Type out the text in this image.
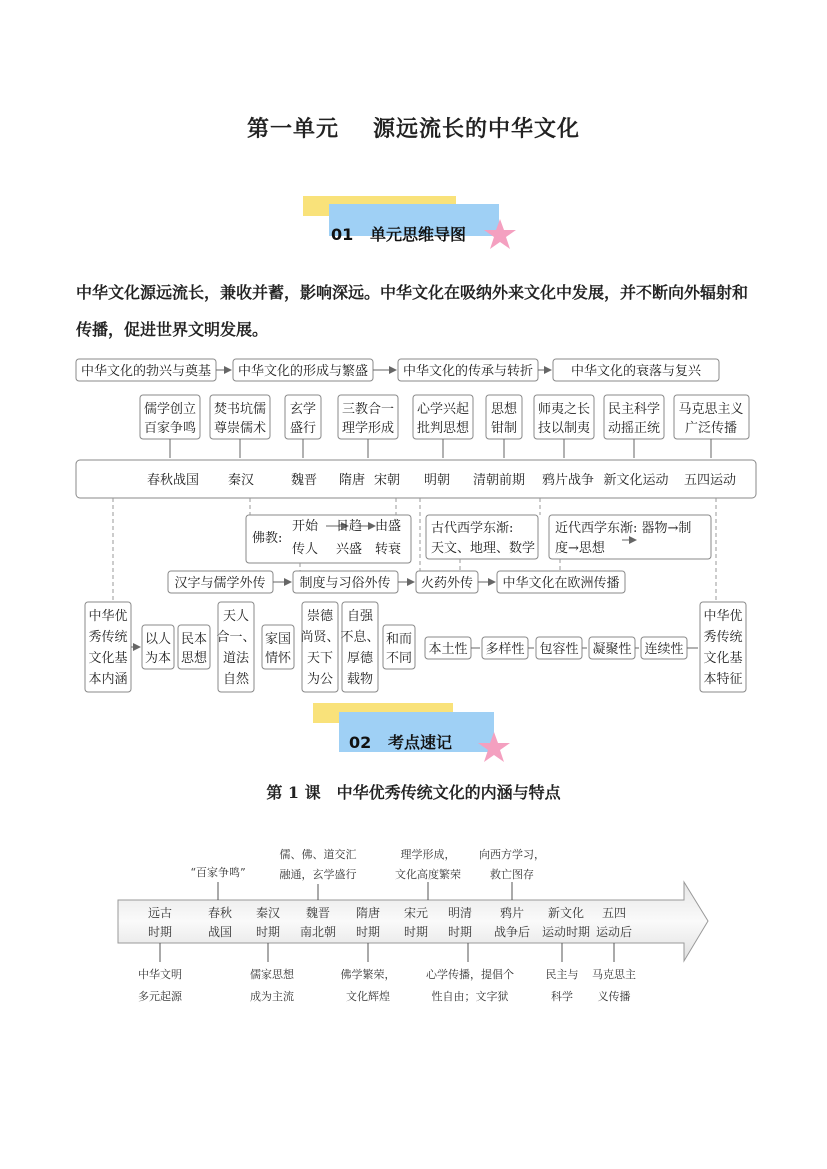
第一单元 源远流长的中华文化
01 单元思维导图
中华文化源远流长，兼收并蓄，影响深远。中华文化在吸纳外来文化中发展，并不断向外辐射和传播，促进世界文明发展。
中华文化的勃兴与奠基 中华文化的形成与繁盛	中华文化的传承与转折	中华文化的衰落与复兴
儒学创立
百家争鸣
焚书坑儒
尊崇儒术
玄学
盛行
三教合一
理学形成
心学兴起
批判思想
思想
钳制
师夷之长
技以制夷
民主科学
动摇正统
马克思主义
广泛传播
春秋战国 秦汉	魏晋 隋唐 宋朝 明朝 清朝前期 鸦片战争 新文化运动 五四运动
佛教:
开始 日趋 由盛
传人 兴盛 转衰
古代西学东渐:
天文、地理、数学
近代西学东渐: 器物→制
度→思想
汉字与儒学外传	制度与习俗外传 火药外传 中华文化在欧洲传播
中华优
秀传统
文化基
本内涵
以人
为本
民本
思想
天人
合一、
道法
自然
家国
情怀
崇德
尚贤、
天下
为公
自强
不息、
厚德
载物
和而
不同
本土性 多样性 包容性 凝聚性 连续性
中华优
秀传统
文化基
本特征
02 考点速记
第 1 课 中华优秀传统文化的内涵与特点
远古
时期
春秋
战国
秦汉
时期
魏晋
南北朝
隋唐
时期
宋元
时期
明清
时期
鸦片
战争后
新文化
运动时期
五四
运动后
“百家争鸣”
儒、佛、道交汇
融通，玄学盛行
理学形成，
文化高度繁荣
向西方学习，
救亡图存
中华文明
多元起源
儒家思想
成为主流
佛学繁荣，
文化辉煌
心学传播，提倡个
性自由；文字狱
民主与
科学
马克思主
义传播
